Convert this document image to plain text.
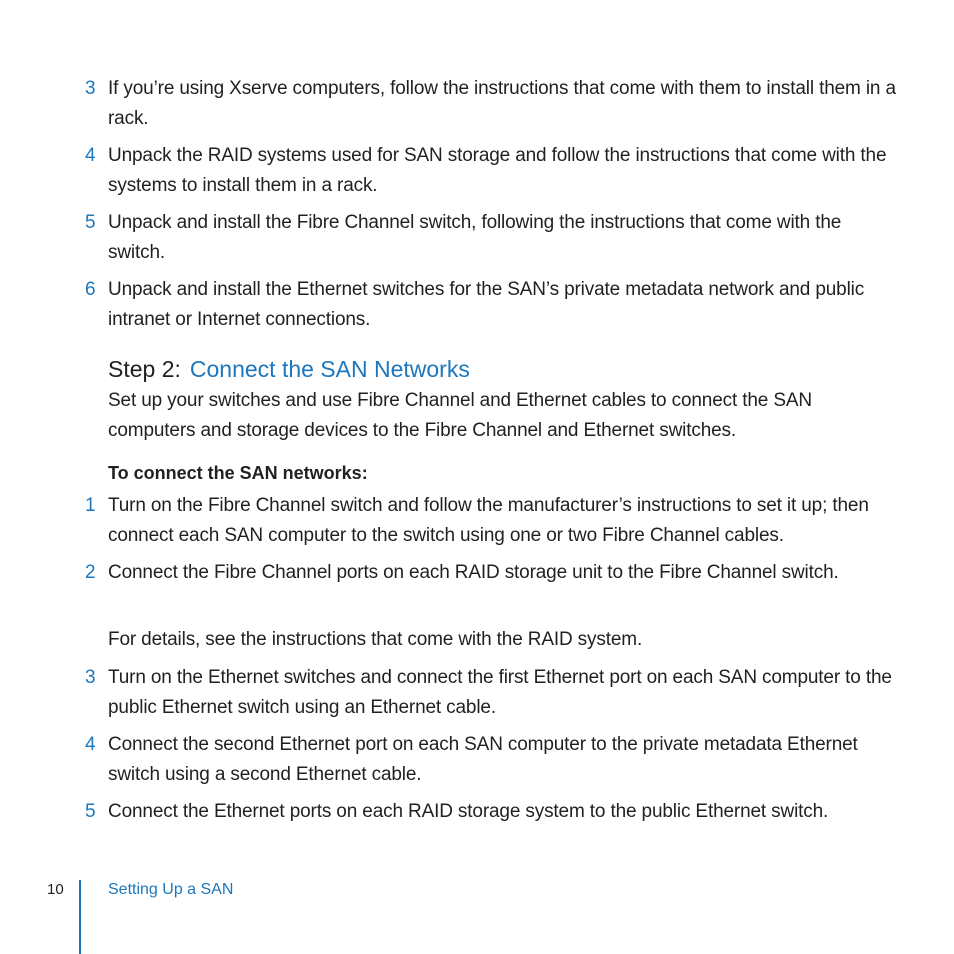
3 If you’re using Xserve computers, follow the instructions that come with them to install them in a rack.
4 Unpack the RAID systems used for SAN storage and follow the instructions that come with the systems to install them in a rack.
5 Unpack and install the Fibre Channel switch, following the instructions that come with the switch.
6 Unpack and install the Ethernet switches for the SAN’s private metadata network and public intranet or Internet connections.
Step 2: Connect the SAN Networks
Set up your switches and use Fibre Channel and Ethernet cables to connect the SAN computers and storage devices to the Fibre Channel and Ethernet switches.
To connect the SAN networks:
1 Turn on the Fibre Channel switch and follow the manufacturer’s instructions to set it up; then connect each SAN computer to the switch using one or two Fibre Channel cables.
2 Connect the Fibre Channel ports on each RAID storage unit to the Fibre Channel switch.
For details, see the instructions that come with the RAID system.
3 Turn on the Ethernet switches and connect the first Ethernet port on each SAN computer to the public Ethernet switch using an Ethernet cable.
4 Connect the second Ethernet port on each SAN computer to the private metadata Ethernet switch using a second Ethernet cable.
5 Connect the Ethernet ports on each RAID storage system to the public Ethernet switch.
10	Setting Up a SAN
